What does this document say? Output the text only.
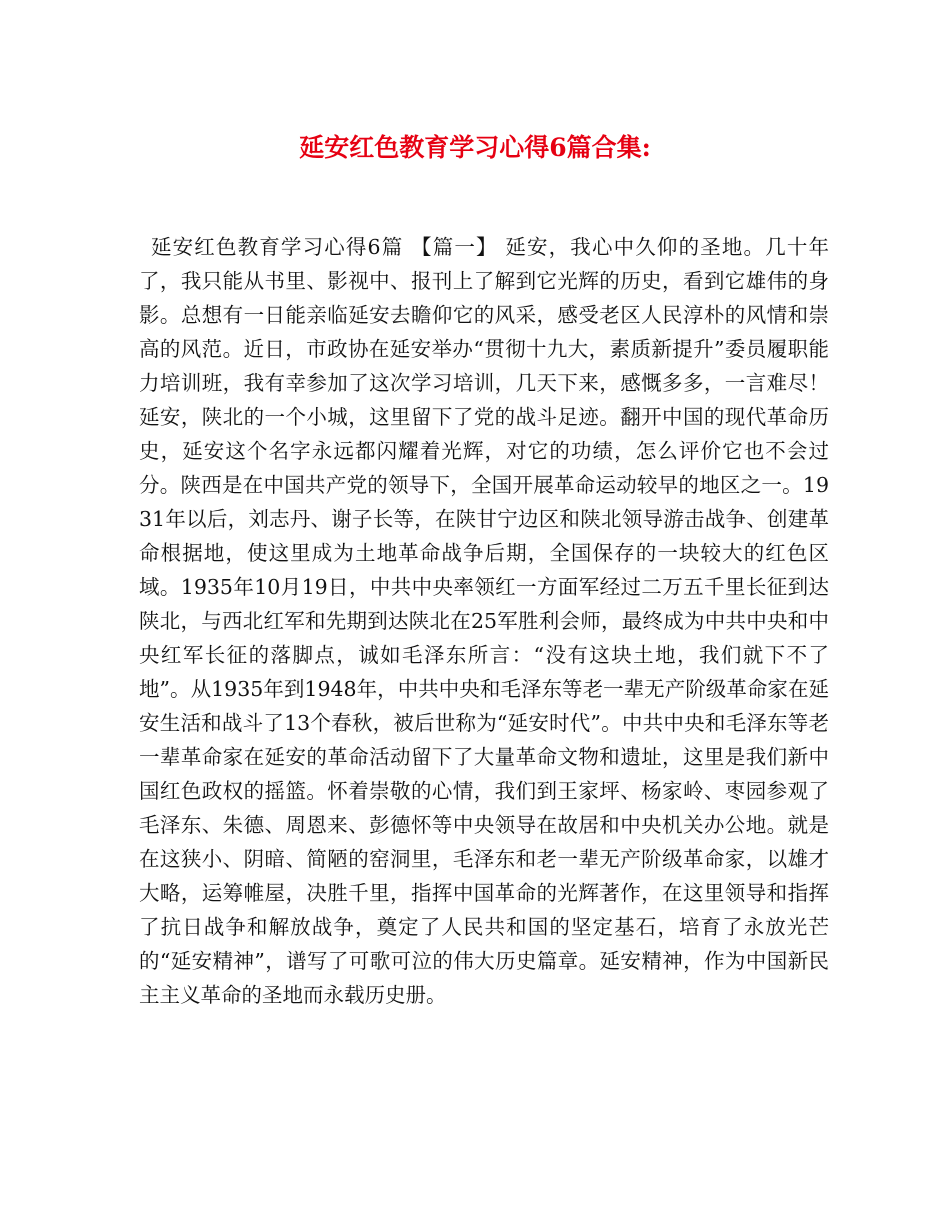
延安红色教育学习心得6篇合集:

延安红色教育学习心得6篇 【篇一】 延安，我心中久仰的圣地。几十年了，我只能从书里、影视中、报刊上了解到它光辉的历史，看到它雄伟的身影。总想有一日能亲临延安去瞻仰它的风采，感受老区人民淳朴的风情和崇高的风范。近日，市政协在延安举办“贯彻十九大，素质新提升”委员履职能力培训班，我有幸参加了这次学习培训，几天下来，感慨多多，一言难尽！ 延安，陕北的一个小城，这里留下了党的战斗足迹。翻开中国的现代革命历史，延安这个名字永远都闪耀着光辉，对它的功绩，怎么评价它也不会过分。陕西是在中国共产党的领导下，全国开展革命运动较早的地区之一。1931年以后，刘志丹、谢子长等，在陕甘宁边区和陕北领导游击战争、创建革命根据地，使这里成为土地革命战争后期，全国保存的一块较大的红色区域。1935年10月19日，中共中央率领红一方面军经过二万五千里长征到达陕北，与西北红军和先期到达陕北在25军胜利会师，最终成为中共中央和中央红军长征的落脚点，诚如毛泽东所言：“没有这块土地，我们就下不了地”。从1935年到1948年，中共中央和毛泽东等老一辈无产阶级革命家在延安生活和战斗了13个春秋，被后世称为“延安时代”。中共中央和毛泽东等老一辈革命家在延安的革命活动留下了大量革命文物和遗址，这里是我们新中国红色政权的摇篮。怀着崇敬的心情，我们到王家坪、杨家岭、枣园参观了毛泽东、朱德、周恩来、彭德怀等中央领导在故居和中央机关办公地。就是在这狭小、阴暗、简陋的窑洞里，毛泽东和老一辈无产阶级革命家，以雄才大略，运筹帷屋，决胜千里，指挥中国革命的光辉著作，在这里领导和指挥了抗日战争和解放战争，奠定了人民共和国的坚定基石，培育了永放光芒的“延安精神”，谱写了可歌可泣的伟大历史篇章。延安精神，作为中国新民主主义革命的圣地而永载历史册。
